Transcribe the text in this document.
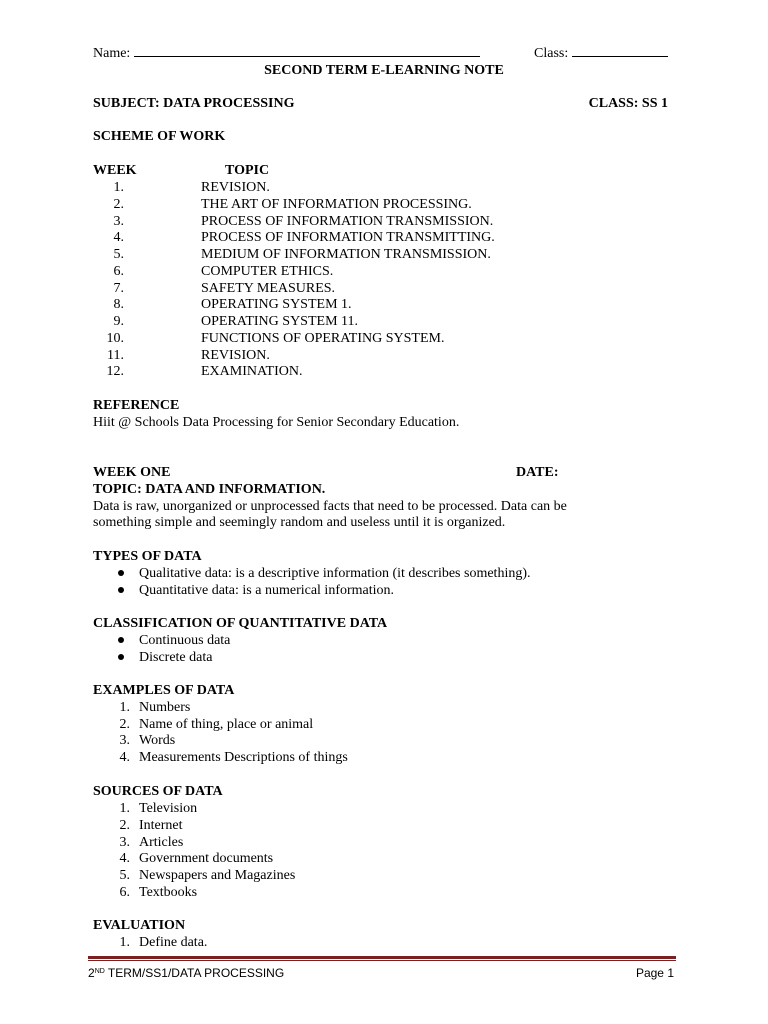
Name:	Class:
SECOND TERM E-LEARNING NOTE
SUBJECT: DATA PROCESSING	CLASS: SS 1
SCHEME OF WORK
WEEK	TOPIC
1.	REVISION.
2.	THE ART OF INFORMATION PROCESSING.
3.	PROCESS OF INFORMATION TRANSMISSION.
4.	PROCESS OF INFORMATION TRANSMITTING.
5.	MEDIUM OF INFORMATION TRANSMISSION.
6.	COMPUTER ETHICS.
7.	SAFETY MEASURES.
8.	OPERATING SYSTEM 1.
9.	OPERATING SYSTEM 11.
10.	FUNCTIONS OF OPERATING SYSTEM.
11.	REVISION.
12.	EXAMINATION.
REFERENCE
Hiit @ Schools Data Processing for Senior Secondary Education.
WEEK ONE	DATE:
TOPIC: DATA AND INFORMATION.
Data is raw, unorganized or unprocessed facts that need to be processed. Data can be
something simple and seemingly random and useless until it is organized.
TYPES OF DATA
Qualitative data: is a descriptive information (it describes something).
Quantitative data: is a numerical information.
CLASSIFICATION OF QUANTITATIVE DATA
Continuous data
Discrete data
EXAMPLES OF DATA
1. Numbers
2. Name of thing, place or animal
3. Words
4. Measurements Descriptions of things
SOURCES OF DATA
1. Television
2. Internet
3. Articles
4. Government documents
5. Newspapers and Magazines
6. Textbooks
EVALUATION
1. Define data.
2ND TERM/SS1/DATA PROCESSING	Page 1
